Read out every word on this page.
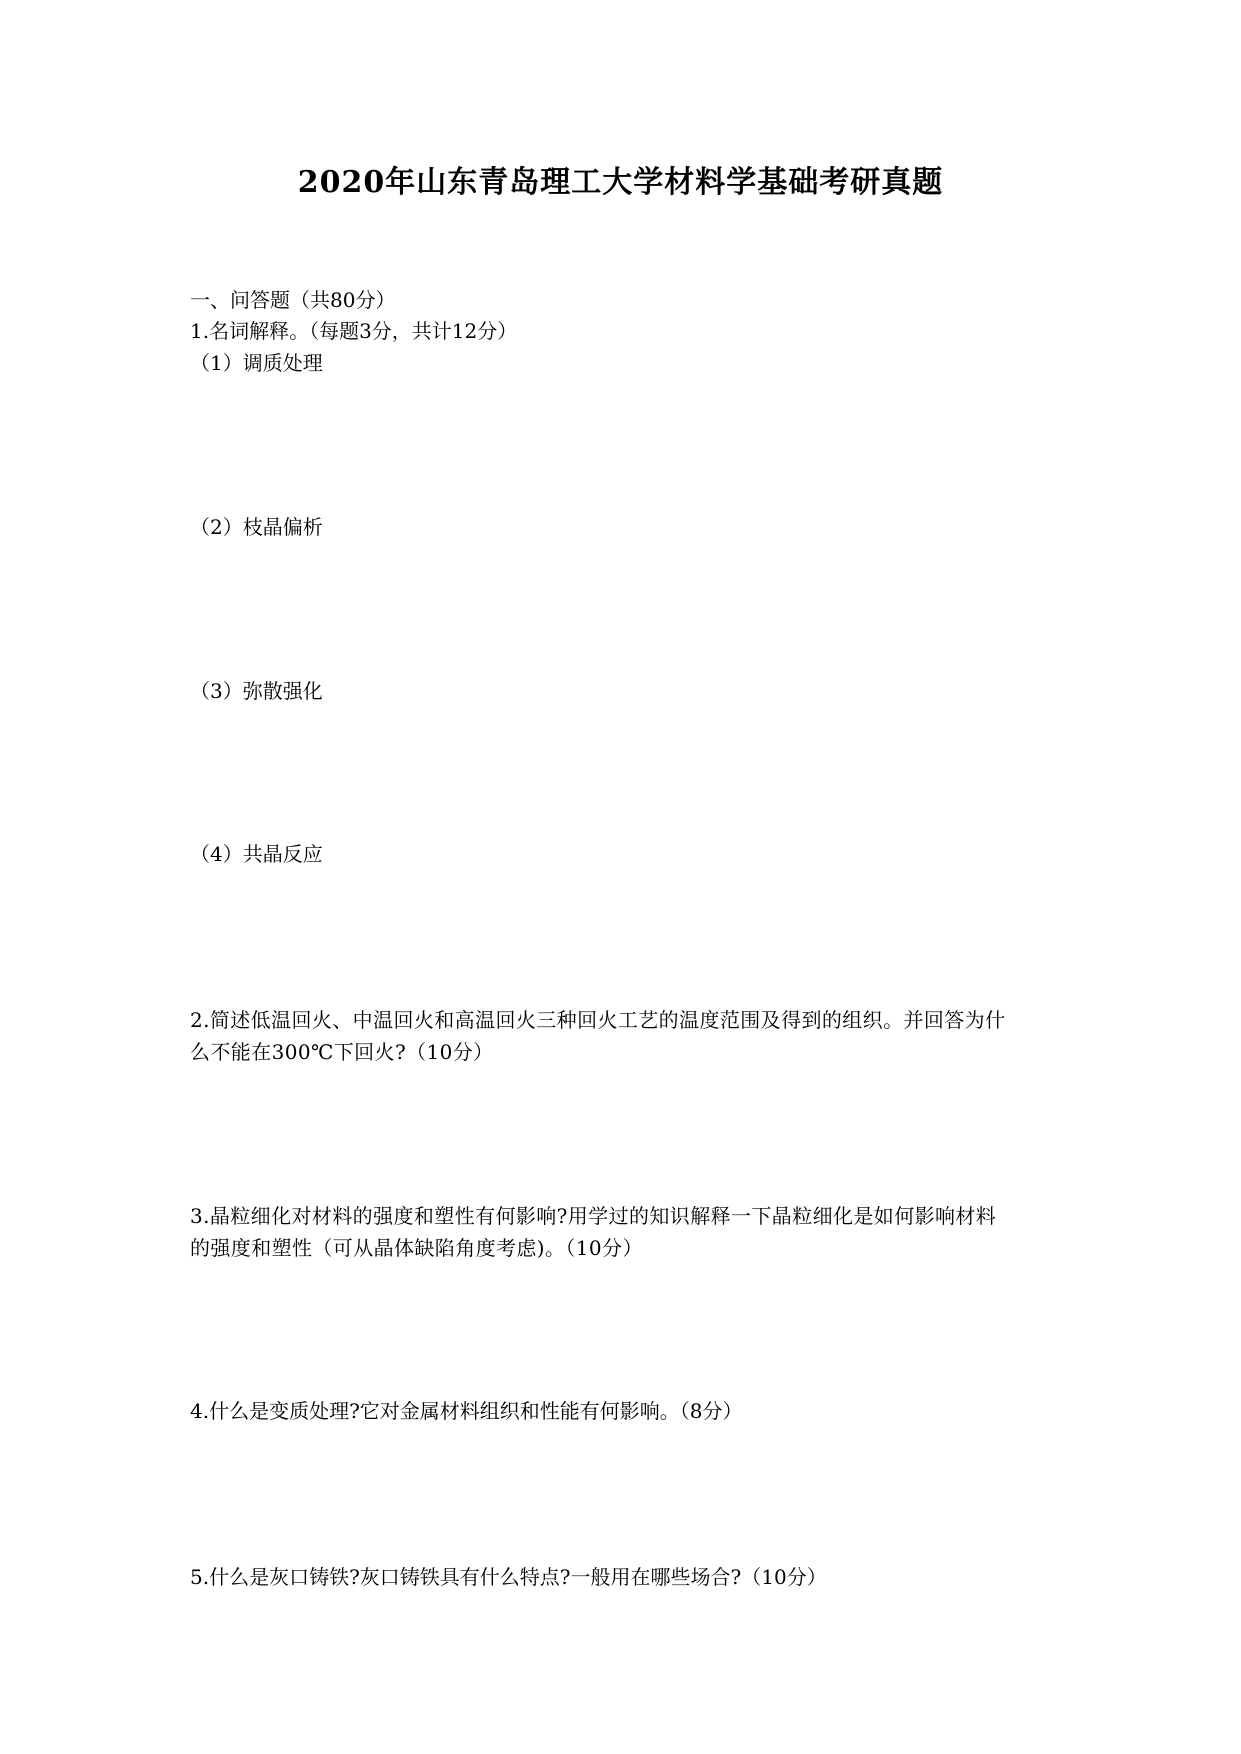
2020年山东青岛理工大学材料学基础考研真题
一、问答题（共80分）
1.名词解释。（每题3分，共计12分）
（1）调质处理
（2）枝晶偏析
（3）弥散强化
（4）共晶反应
2.简述低温回火、中温回火和高温回火三种回火工艺的温度范围及得到的组织。并回答为什
么不能在300℃下回火?（10分）
3.晶粒细化对材料的强度和塑性有何影响?用学过的知识解释一下晶粒细化是如何影响材料
的强度和塑性（可从晶体缺陷角度考虑)。（10分）
4.什么是变质处理?它对金属材料组织和性能有何影响。（8分）
5.什么是灰口铸铁?灰口铸铁具有什么特点?一般用在哪些场合?（10分）
